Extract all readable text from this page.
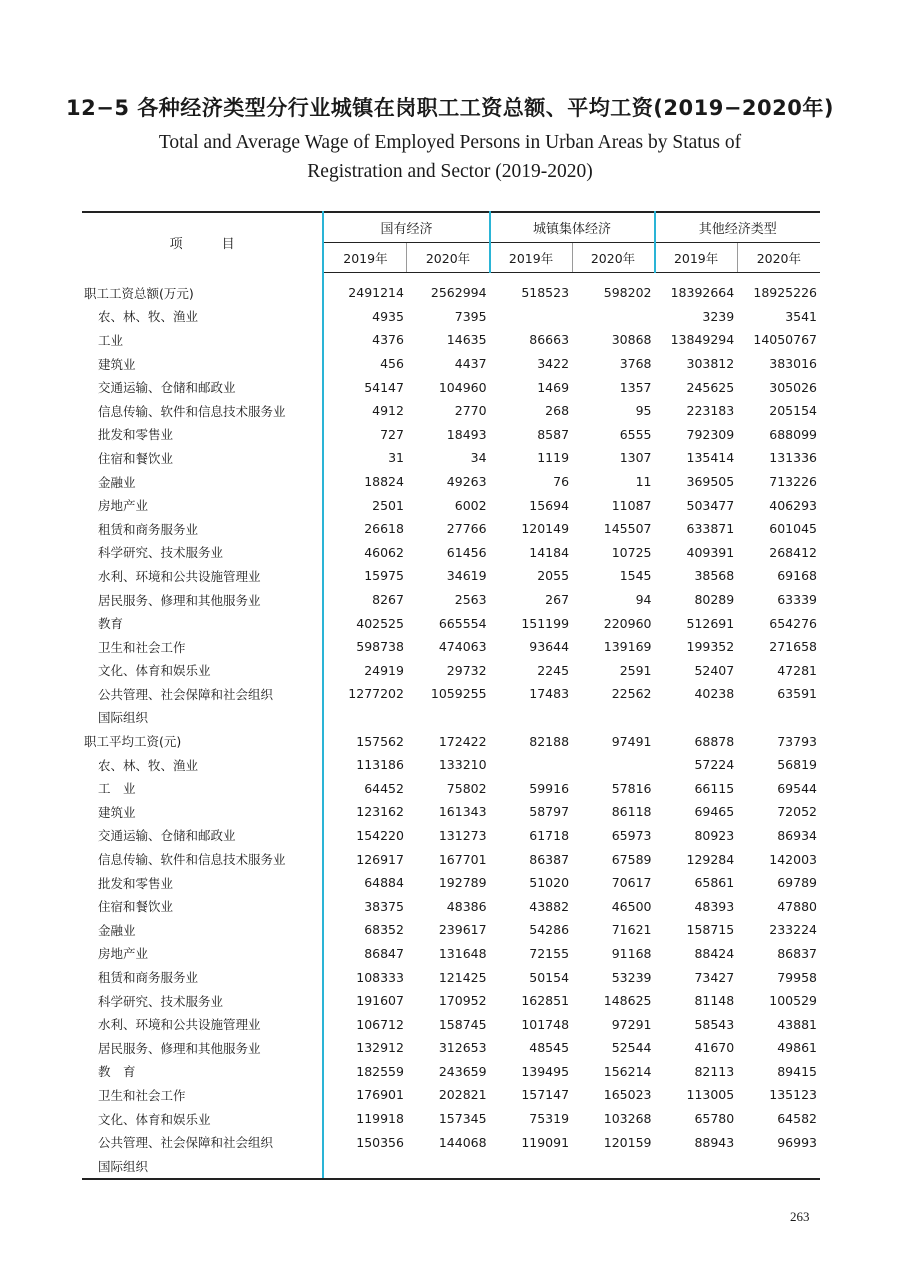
12−5 各种经济类型分行业城镇在岗职工工资总额、平均工资(2019−2020年)
Total and Average Wage of Employed Persons in Urban Areas by Status of
Registration and Sector (2019-2020)
项　　　目	国有经济		城镇集体经济		其他经济类型	
	2019年	2020年	2019年	2020年	2019年	2020年

职工工资总额(万元)	2491214	2562994	518523	598202	18392664	18925226
农、林、牧、渔业	4935	7395			3239	3541
工业	4376	14635	86663	30868	13849294	14050767
建筑业	456	4437	3422	3768	303812	383016
交通运输、仓储和邮政业	54147	104960	1469	1357	245625	305026
信息传输、软件和信息技术服务业	4912	2770	268	95	223183	205154
批发和零售业	727	18493	8587	6555	792309	688099
住宿和餐饮业	31	34	1119	1307	135414	131336
金融业	18824	49263	76	11	369505	713226
房地产业	2501	6002	15694	11087	503477	406293
租赁和商务服务业	26618	27766	120149	145507	633871	601045
科学研究、技术服务业	46062	61456	14184	10725	409391	268412
水利、环境和公共设施管理业	15975	34619	2055	1545	38568	69168
居民服务、修理和其他服务业	8267	2563	267	94	80289	63339
教育	402525	665554	151199	220960	512691	654276
卫生和社会工作	598738	474063	93644	139169	199352	271658
文化、体育和娱乐业	24919	29732	2245	2591	52407	47281
公共管理、社会保障和社会组织	1277202	1059255	17483	22562	40238	63591
国际组织						
职工平均工资(元)	157562	172422	82188	97491	68878	73793
农、林、牧、渔业	113186	133210			57224	56819
工　业	64452	75802	59916	57816	66115	69544
建筑业	123162	161343	58797	86118	69465	72052
交通运输、仓储和邮政业	154220	131273	61718	65973	80923	86934
信息传输、软件和信息技术服务业	126917	167701	86387	67589	129284	142003
批发和零售业	64884	192789	51020	70617	65861	69789
住宿和餐饮业	38375	48386	43882	46500	48393	47880
金融业	68352	239617	54286	71621	158715	233224
房地产业	86847	131648	72155	91168	88424	86837
租赁和商务服务业	108333	121425	50154	53239	73427	79958
科学研究、技术服务业	191607	170952	162851	148625	81148	100529
水利、环境和公共设施管理业	106712	158745	101748	97291	58543	43881
居民服务、修理和其他服务业	132912	312653	48545	52544	41670	49861
教　育	182559	243659	139495	156214	82113	89415
卫生和社会工作	176901	202821	157147	165023	113005	135123
文化、体育和娱乐业	119918	157345	75319	103268	65780	64582
公共管理、社会保障和社会组织	150356	144068	119091	120159	88943	96993
国际组织						
263
